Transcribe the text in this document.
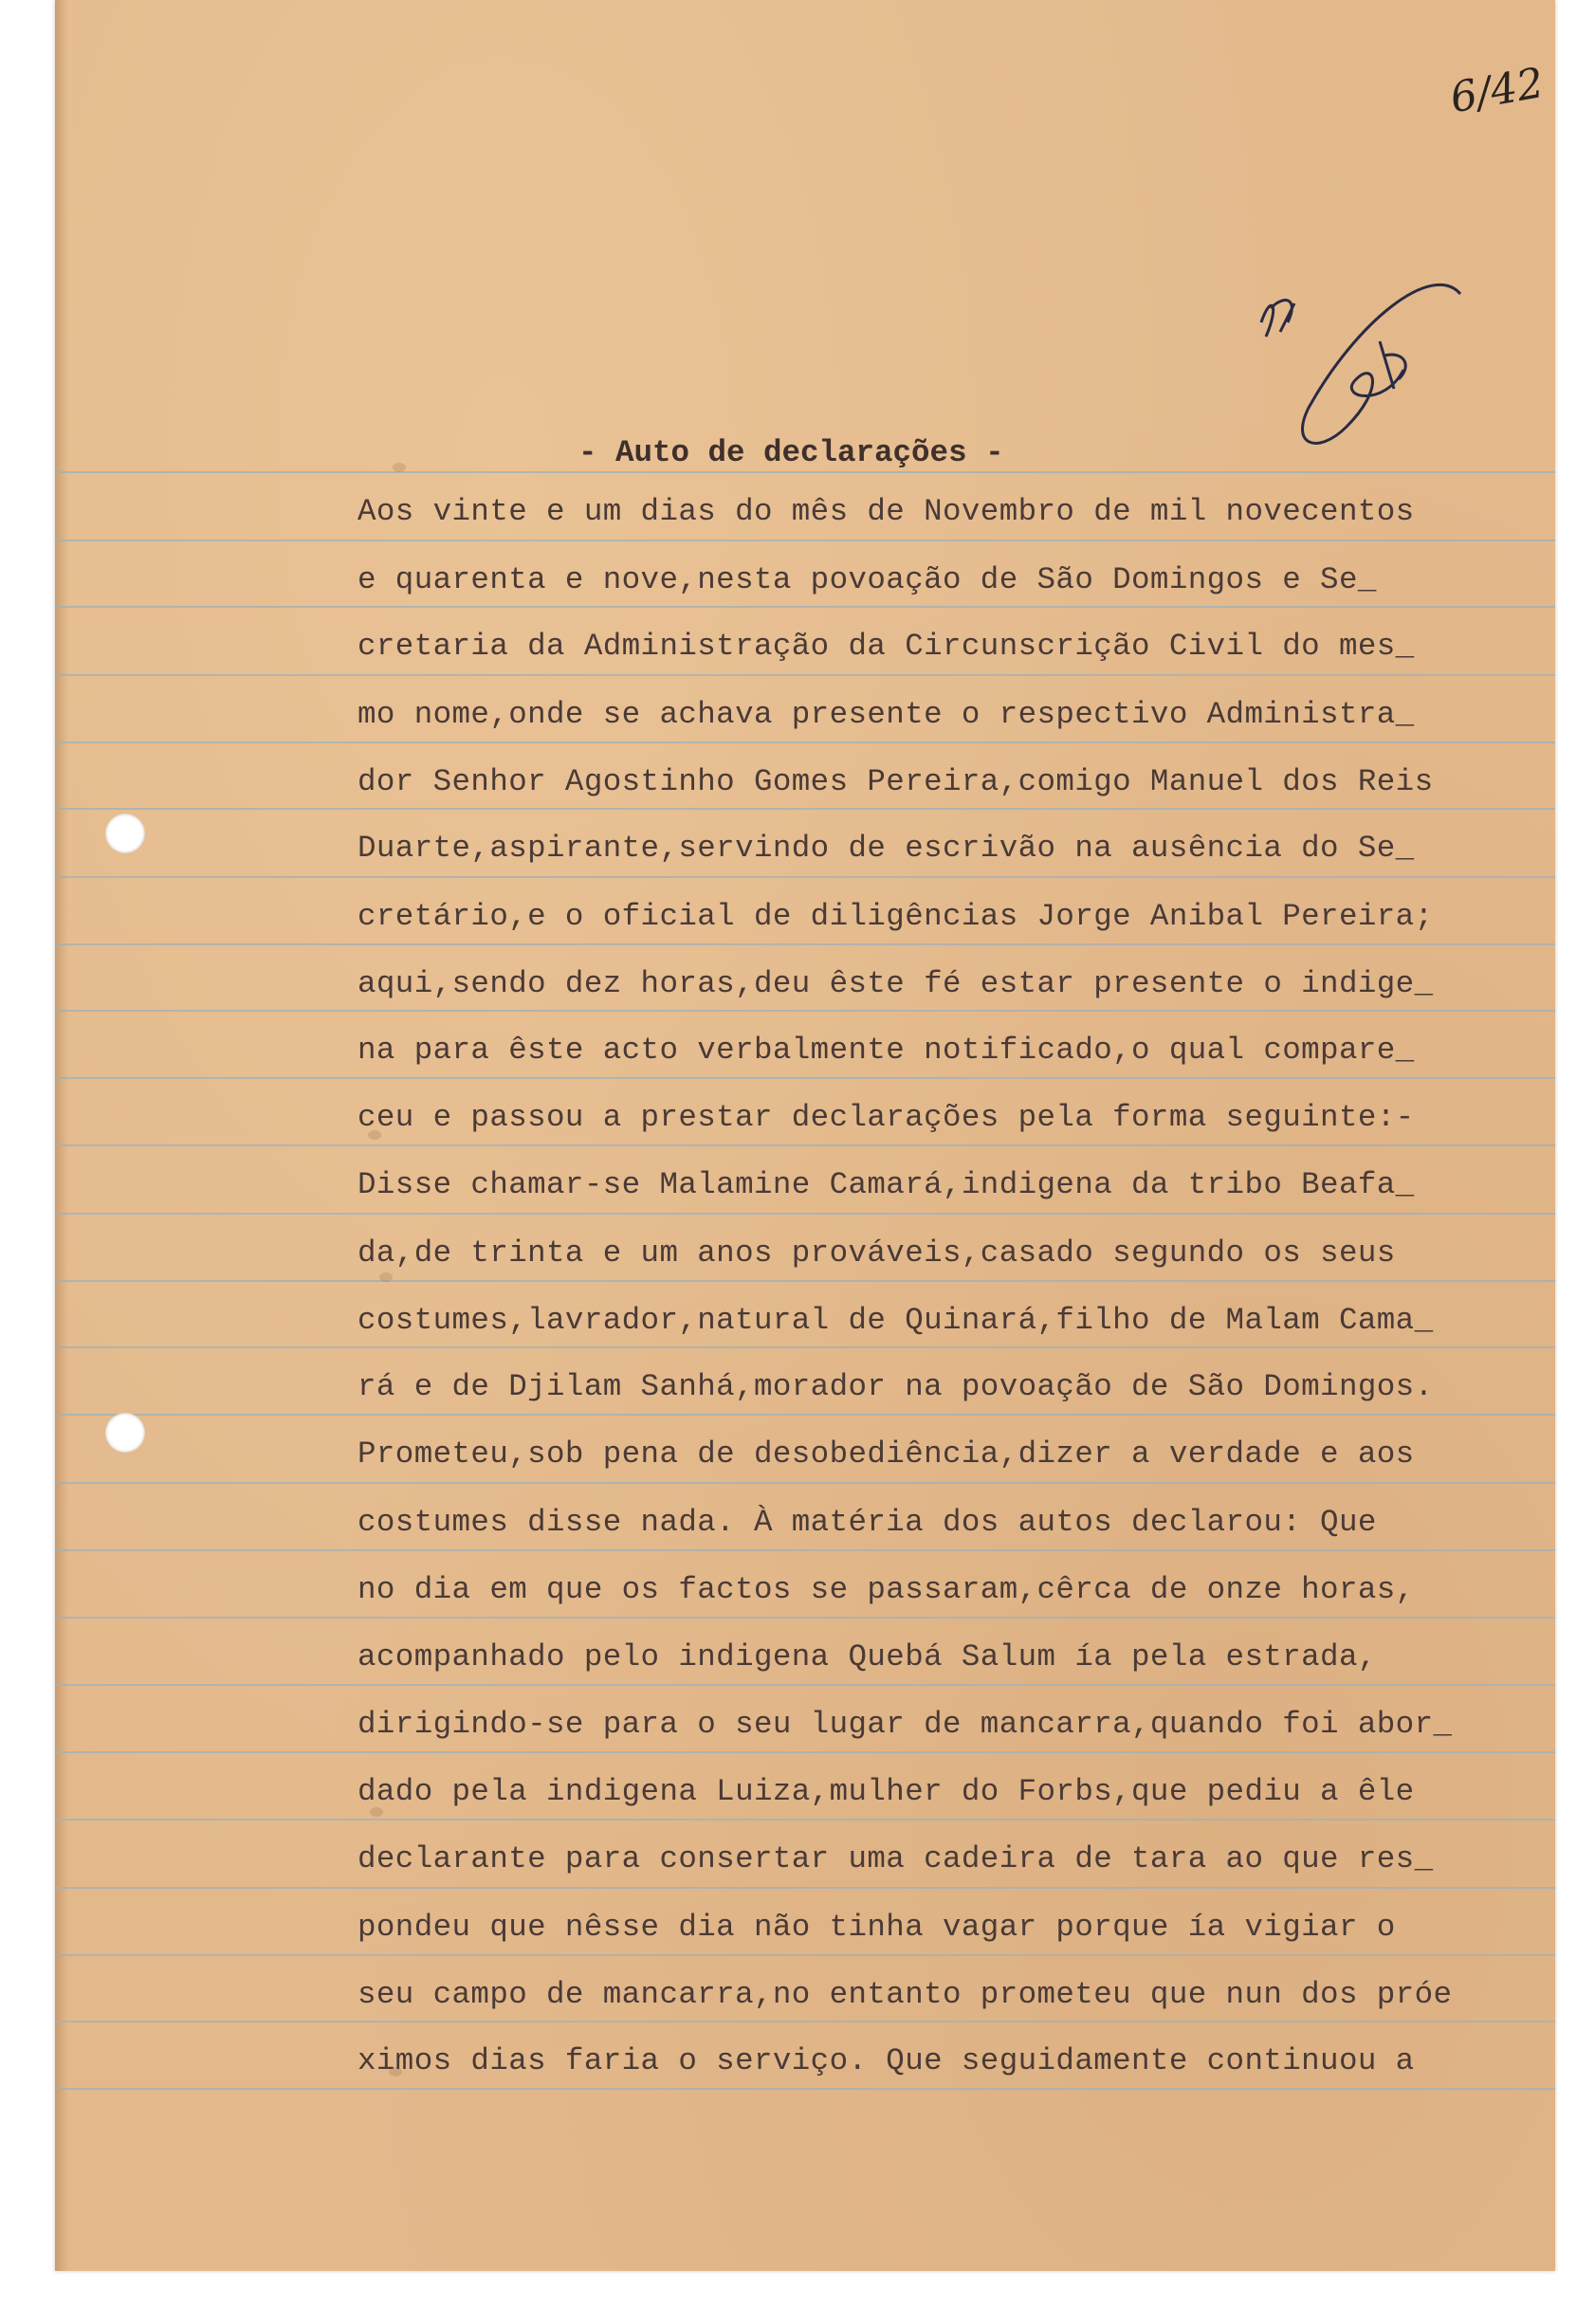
6/42

- Auto de declarações -

Aos vinte e um dias do mês de Novembro de mil novecentos

e quarenta e nove,nesta povoação de São Domingos e Se_

cretaria da Administração da Circunscrição Civil do mes_

mo nome,onde se achava presente o respectivo Administra_

dor Senhor Agostinho Gomes Pereira,comigo Manuel dos Reis

Duarte,aspirante,servindo de escrivão na ausência do Se_

cretário,e o oficial de diligências Jorge Anibal Pereira;

aqui,sendo dez horas,deu êste fé estar presente o indige_

na para êste acto verbalmente notificado,o qual compare_

ceu e passou a prestar declarações pela forma seguinte:-

Disse chamar-se Malamine Camará,indigena da tribo Beafa_

da,de trinta e um anos prováveis,casado segundo os seus

costumes,lavrador,natural de Quinará,filho de Malam Cama_

rá e de Djilam Sanhá,morador na povoação de São Domingos.

Prometeu,sob pena de desobediência,dizer a verdade e aos

costumes disse nada. À matéria dos autos declarou: Que

no dia em que os factos se passaram,cêrca de onze horas,

acompanhado pelo indigena Quebá Salum ía pela estrada,

dirigindo-se para o seu lugar de mancarra,quando foi abor_

dado pela indigena Luiza,mulher do Forbs,que pediu a êle

declarante para consertar uma cadeira de tara ao que res_

pondeu que nêsse dia não tinha vagar porque ía vigiar o

seu campo de mancarra,no entanto prometeu que nun dos próe

ximos dias faria o serviço. Que seguidamente continuou a
